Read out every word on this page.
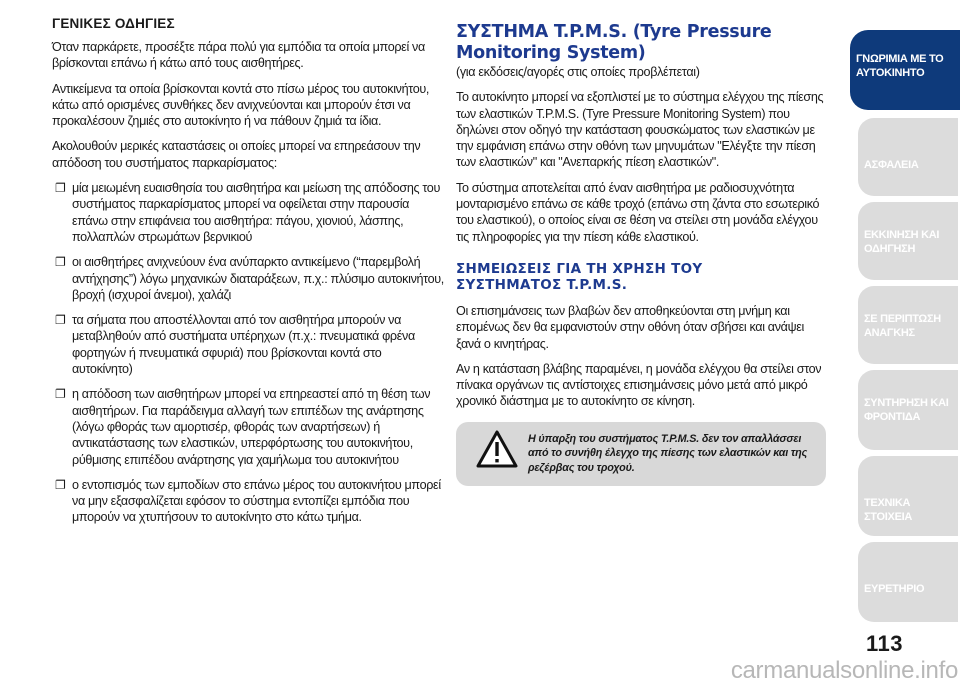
ΓΕΝΙΚΕΣ ΟΔΗΓΙΕΣ

Όταν παρκάρετε, προσέξτε πάρα πολύ για εμπόδια τα οποία μπορεί να βρίσκονται επάνω ή κάτω από τους αισθητήρες.

Αντικείμενα τα οποία βρίσκονται κοντά στο πίσω μέρος του αυτοκινήτου, κάτω από ορισμένες συνθήκες δεν ανιχνεύονται και μπορούν έτσι να προκαλέσουν ζημιές στο αυτοκίνητο ή να πάθουν ζημιά τα ίδια.

Ακολουθούν μερικές καταστάσεις οι οποίες μπορεί να επηρεάσουν την απόδοση του συστήματος παρκαρίσματος:

❐ μία μειωμένη ευαισθησία του αισθητήρα και μείωση της απόδοσης του συστήματος παρκαρίσματος μπορεί να οφείλεται στην παρουσία επάνω στην επιφάνεια του αισθητήρα: πάγου, χιονιού, λάσπης, πολλαπλών στρωμάτων βερνικιού
❐ οι αισθητήρες ανιχνεύουν ένα ανύπαρκτο αντικείμενο (“παρεμβολή αντήχησης”) λόγω μηχανικών διαταράξεων, π.χ.: πλύσιμο αυτοκινήτου, βροχή (ισχυροί άνεμοι), χαλάζι
❐ τα σήματα που αποστέλλονται από τον αισθητήρα μπορούν να μεταβληθούν από συστήματα υπέρηχων (π.χ.: πνευματικά φρένα φορτηγών ή πνευματικά σφυριά) που βρίσκονται κοντά στο αυτοκίνητο)
❐ η απόδοση των αισθητήρων μπορεί να επηρεαστεί από τη θέση των αισθητήρων. Για παράδειγμα αλλαγή των επιπέδων της ανάρτησης (λόγω φθοράς των αμορτισέρ, φθοράς των αναρτήσεων) ή αντικατάστασης των ελαστικών, υπερφόρτωσης του αυτοκινήτου, ρύθμισης επιπέδου ανάρτησης για χαμήλωμα του αυτοκινήτου
❐ ο εντοπισμός των εμποδίων στο επάνω μέρος του αυτοκινήτου μπορεί να μην εξασφαλίζεται εφόσον το σύστημα εντοπίζει εμπόδια που μπορούν να χτυπήσουν το αυτοκίνητο στο κάτω τμήμα.
ΣΥΣΤΗΜΑ T.P.M.S. (Tyre Pressure
Monitoring System)

(για εκδόσεις/αγορές στις οποίες προβλέπεται)

Το αυτοκίνητο μπορεί να εξοπλιστεί με το σύστημα ελέγχου της πίεσης των ελαστικών T.P.M.S. (Tyre Pressure Monitoring System) που δηλώνει στον οδηγό την κατάσταση φουσκώματος των ελαστικών με την εμφάνιση επάνω στην οθόνη των μηνυμάτων "Ελέγξτε την πίεση των ελαστικών" και "Ανεπαρκής πίεση ελαστικών".

Το σύστημα αποτελείται από έναν αισθητήρα με ραδιοσυχνότητα μονταρισμένο επάνω σε κάθε τροχό (επάνω στη ζάντα στο εσωτερικό του ελαστικού), ο οποίος είναι σε θέση να στείλει στη μονάδα ελέγχου τις πληροφορίες για την πίεση κάθε ελαστικού.

ΣΗΜΕΙΩΣΕΙΣ ΓΙΑ ΤΗ ΧΡΗΣΗ ΤΟΥ
ΣΥΣΤΗΜΑΤΟΣ T.P.M.S.

Οι επισημάνσεις των βλαβών δεν αποθηκεύονται στη μνήμη και επομένως δεν θα εμφανιστούν στην οθόνη όταν σβήσει και ανάψει ξανά ο κινητήρας.

Αν η κατάσταση βλάβης παραμένει, η μονάδα ελέγχου θα στείλει στον πίνακα οργάνων τις αντίστοιχες επισημάνσεις μόνο μετά από μικρό χρονικό διάστημα με το αυτοκίνητο σε κίνηση.

Η ύπαρξη του συστήματος T.P.M.S. δεν τον απαλλάσσει από το συνήθη έλεγχο της πίεσης των ελαστικών και της ρεζέρβας του τροχού.
ΓΝΩΡΙΜΙΑ ΜΕ ΤΟ ΑΥΤΟΚΙΝΗΤΟ
ΑΣΦΑΛΕΙΑ
ΕΚΚΙΝΗΣΗ ΚΑΙ ΟΔΗΓΗΣΗ
ΣΕ ΠΕΡΙΠΤΩΣΗ ΑΝΑΓΚΗΣ
ΣΥΝΤΗΡΗΣΗ ΚΑΙ ΦΡΟΝΤΙΔΑ
ΤΕΧΝΙΚΑ ΣΤΟΙΧΕΙΑ
ΕΥΡΕΤΗΡΙΟ
113
carmanualsonline.info
